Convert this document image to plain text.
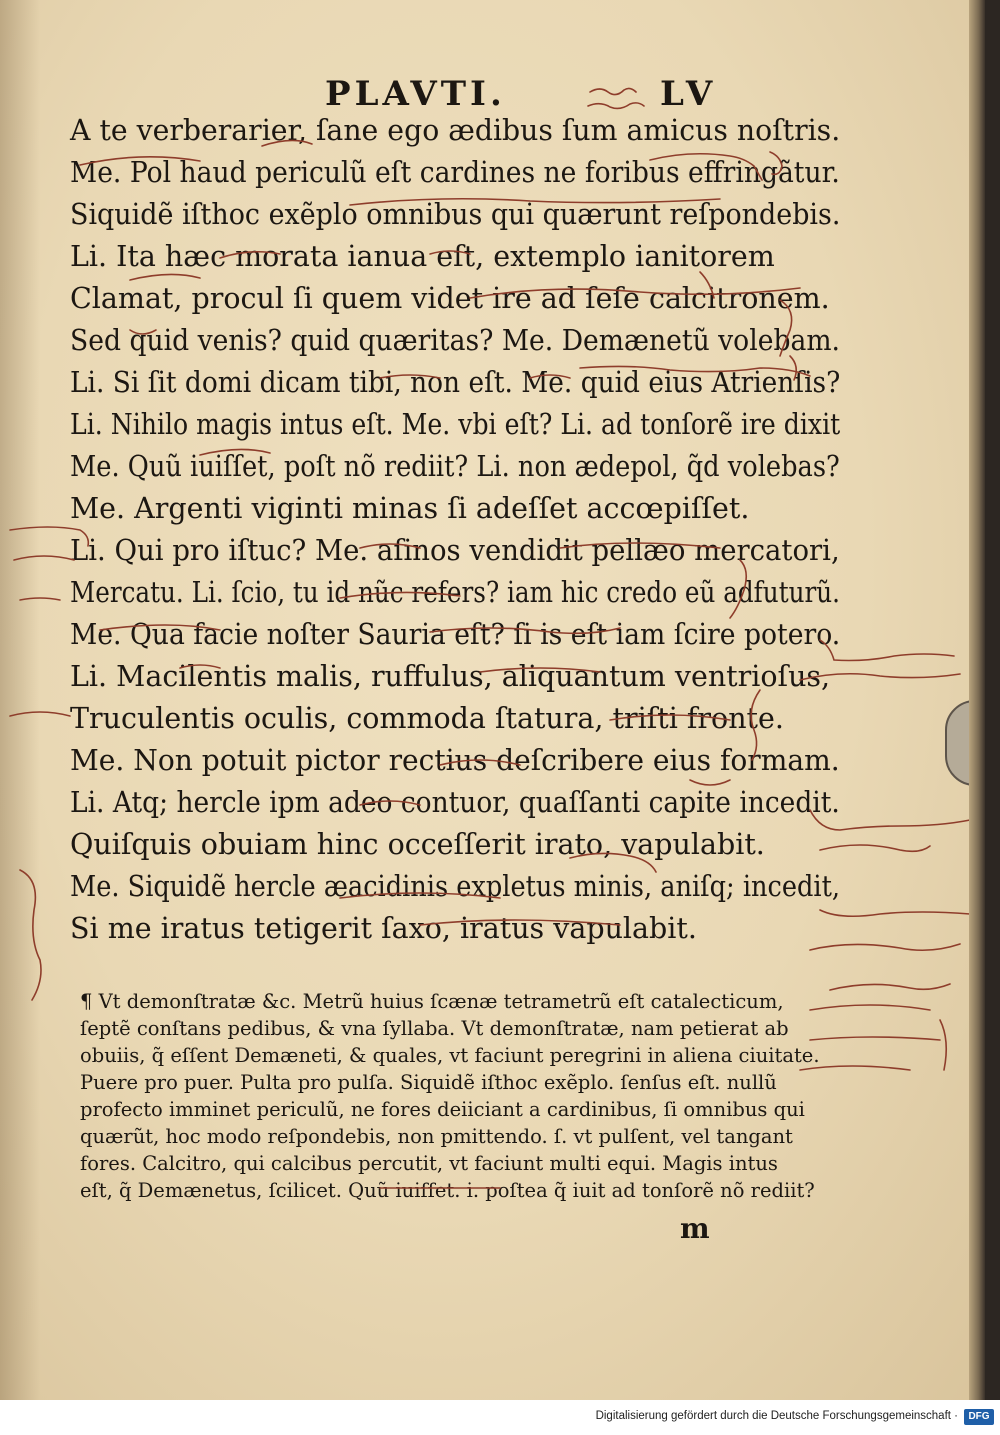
PLAVTI.	LV
A te verberarier, ſane ego ædibus ſum amicus noſtris.
Me. Pol haud periculũ eſt cardines ne foribus effringãtur.
Siquidẽ iſthoc exẽplo omnibus qui quærunt reſpondebis.
Li. Ita hæc morata ianua eſt, extemplo ianitorem
Clamat, procul ſi quem videt ire ad ſeſe calcitronem.
Sed quid venis? quid quæritas? Me. Demænetũ volebam.
Li. Si ſit domi dicam tibi, non eſt. Me. quid eius Atrienſis?
Li. Nihilo magis intus eſt. Me. vbi eſt? Li. ad tonſorẽ ire dixit
Me. Quũ iuiſſet, poſt nõ rediit? Li. non ædepol, q̃d volebas?
Me. Argenti viginti minas ſi adeſſet accœpiſſet.
Li. Qui pro iſtuc? Me. aſinos vendidit pellæo mercatori,
Mercatu. Li. ſcio, tu id nũc refers? iam hic credo eũ adfuturũ.
Me. Qua facie noſter Sauria eſt? ſi is eſt iam ſcire potero.
Li. Macilentis malis, ruffulus, aliquantum ventrioſus,
Truculentis oculis, commoda ſtatura, triſti fronte.
Me. Non potuit pictor rectius deſcribere eius formam.
Li. Atq; hercle ipm adeo contuor, quaſſanti capite incedit.
Quiſquis obuiam hinc occeſſerit irato, vapulabit.
Me. Siquidẽ hercle æacidinis expletus minis, aniſq; incedit,
Si me iratus tetigerit ſaxo, iratus vapulabit.
¶ Vt demonſtratæ &c. Metrũ huius ſcænæ tetrametrũ eſt catalecticum,
ſeptẽ conſtans pedibus, & vna ſyllaba. Vt demonſtratæ, nam petierat ab
obuiis, q̃ eſſent Demæneti, & quales, vt faciunt peregrini in aliena ciuitate.
Puere pro puer. Pulta pro pulſa. Siquidẽ iſthoc exẽplo. ſenſus eſt. nullũ
profecto imminet periculũ, ne fores deiiciant a cardinibus, ſi omnibus qui
quærũt, hoc modo reſpondebis, non pmittendo. ſ. vt pulſent, vel tangant
fores. Calcitro, qui calcibus percutit, vt faciunt multi equi. Magis intus
eſt, q̃ Demænetus, ſcilicet. Quũ iuiſſet. i. poſtea q̃ iuit ad tonſorẽ nõ rediit?
m
Digitalisierung gefördert durch die Deutsche Forschungsgemeinschaft ·	DFG
